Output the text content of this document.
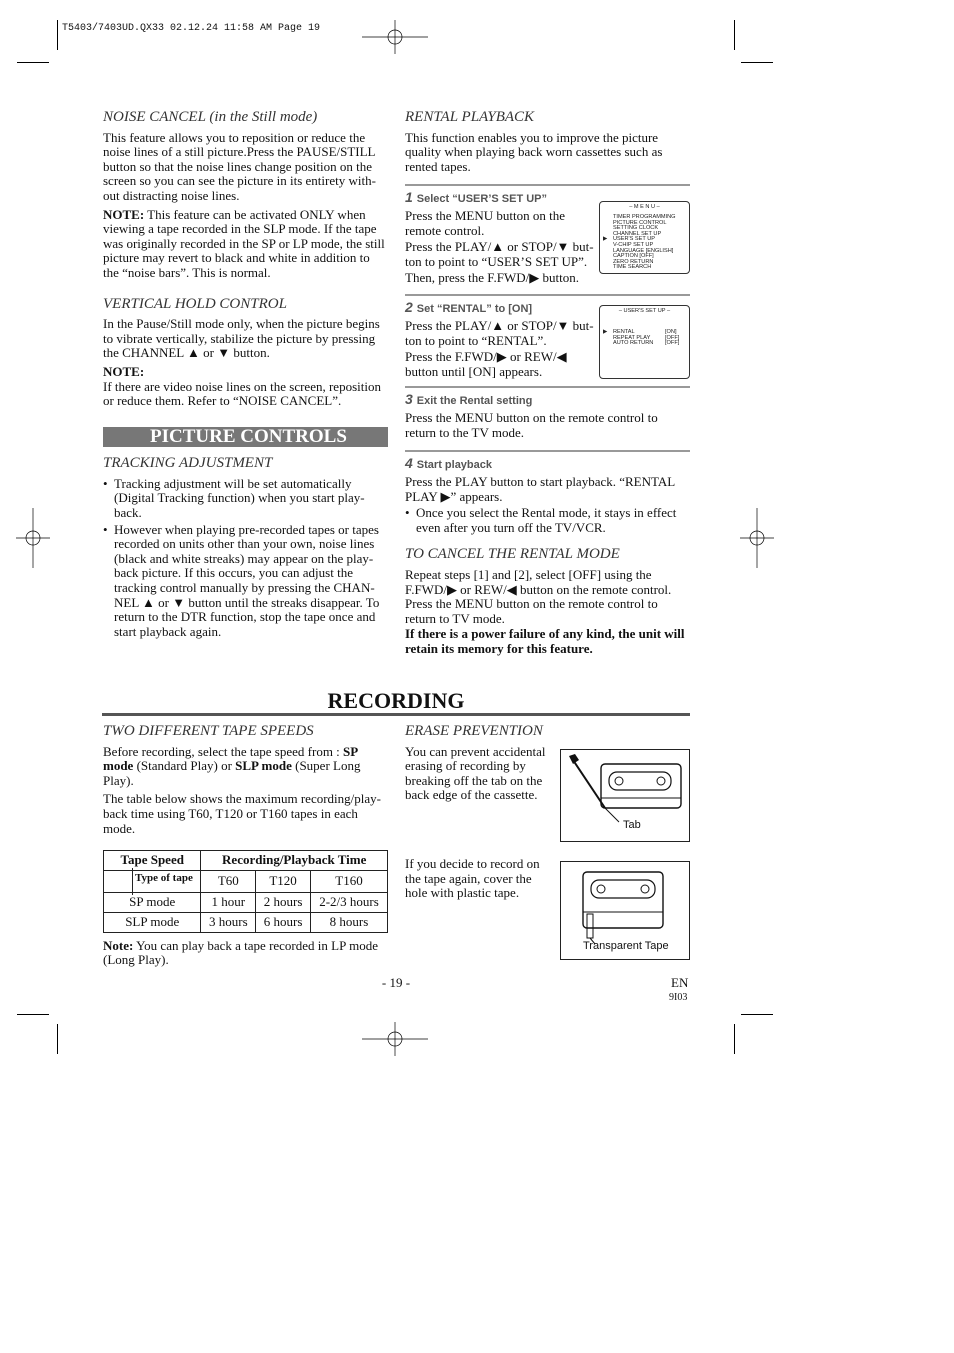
T5403/7403UD.QX33 02.12.24 11:58 AM Page 19
NOISE CANCEL (in the Still mode)

This feature allows you to reposition or reduce the noise lines of a still picture.Press the PAUSE/STILL button so that the noise lines change position on the screen so you can see the picture in its entirety with-out distracting noise lines.

NOTE: This feature can be activated ONLY when viewing a tape recorded in the SLP mode. If the tape was originally recorded in the SP or LP mode, the still picture may revert to black and white in addition to the “noise bars”. This is normal.

VERTICAL HOLD CONTROL

In the Pause/Still mode only, when the picture begins to vibrate vertically, stabilize the picture by pressing the CHANNEL ▲ or ▼ button.

NOTE:

If there are video noise lines on the screen, reposition or reduce them. Refer to “NOISE CANCEL”.

PICTURE CONTROLS
TRACKING ADJUSTMENT
• Tracking adjustment will be set automatically (Digital Tracking function) when you start play-back.
• However when playing pre-recorded tapes or tapes recorded on units other than your own, noise lines (black and white streaks) may appear on the play-back picture. If this occurs, you can adjust the tracking control manually by pressing the CHAN-NEL ▲ or ▼ button until the streaks disappear. To return to the DTR function, stop the tape once and start playback again.
RENTAL PLAYBACK

This function enables you to improve the picture quality when playing back worn cassettes such as rented tapes.

1 Select “USER’S SET UP”

Press the MENU button on the remote control.

Press the PLAY/▲ or STOP/▼ but-ton to point to “USER’S SET UP”.

Then, press the F.FWD/▶ button.

2 Set “RENTAL” to [ON]

Press the PLAY/▲ or STOP/▼ but-ton to point to “RENTAL”.

Press the F.FWD/▶ or REW/◀ button until [ON] appears.

3 Exit the Rental setting

Press the MENU button on the remote control to return to the TV mode.

4 Start playback

Press the PLAY button to start playback. “RENTAL PLAY ▶” appears.

• Once you select the Rental mode, it stays in effect even after you turn off the TV/VCR.
TO CANCEL THE RENTAL MODE

Repeat steps [1] and [2], select [OFF] using the F.FWD/▶ or REW/◀ button on the remote control. Press the MENU button on the remote control to return to TV mode.

If there is a power failure of any kind, the unit will retain its memory for this feature.

– M E N U –
TIMER PROGRAMMING
PICTURE CONTROL
SETTING CLOCK
CHANNEL SET UP
USER'S SET UP
V-CHIP SET UP
LANGUAGE [ENGLISH]
CAPTION [OFF]
ZERO RETURN
TIME SEARCH
▶
– USER'S SET UP –
RENTAL
REPEAT PLAY
AUTO RETURN
[ON]
[OFF]
[OFF]
▶
RECORDING
TWO DIFFERENT TAPE SPEEDS

Before recording, select the tape speed from : SP mode (Standard Play) or SLP mode (Super Long Play).

The table below shows the maximum recording/play-back time using T60, T120 or T160 tapes in each mode.

Tape Speed	Recording/Playback Time		

Type of tape	T60	T120	T160
SP mode	1 hour	2 hours	2-2/3 hours
SLP mode	3 hours	6 hours	8 hours

Note: You can play back a tape recorded in LP mode (Long Play).

ERASE PREVENTION

You can prevent accidental erasing of recording by breaking off the tab on the back edge of the cassette.

If you decide to record on the tape again, cover the hole with plastic tape.

Tab
Transparent Tape
- 19 -	EN
9I03
